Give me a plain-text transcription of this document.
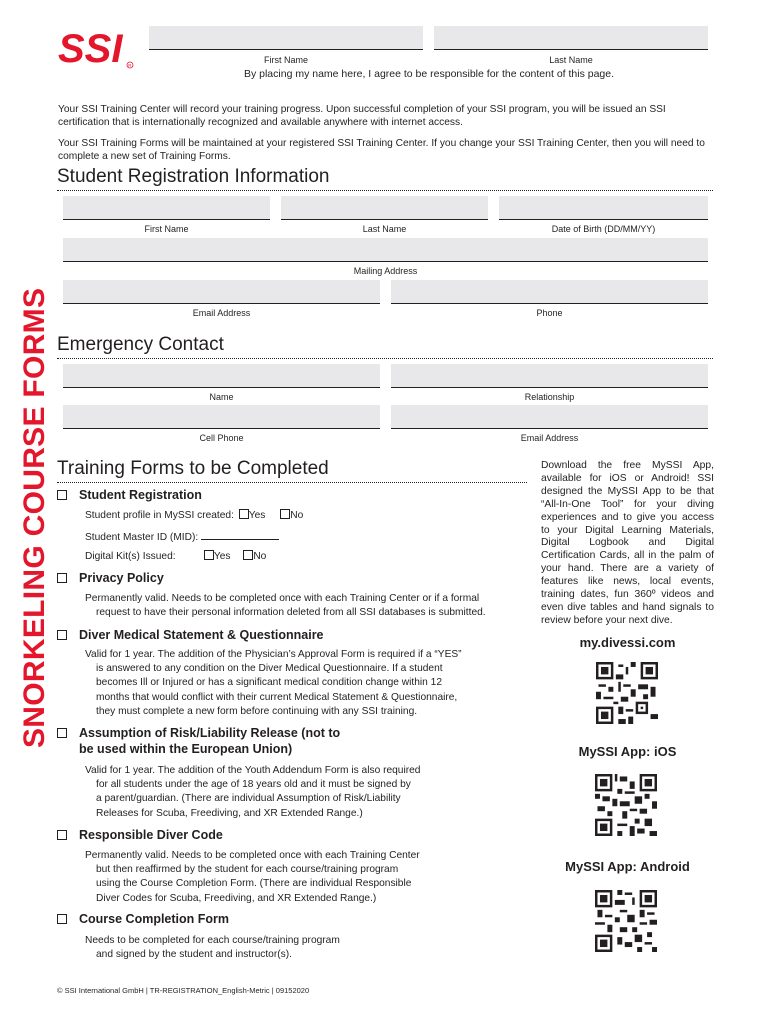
SSI R
First Name	Last Name
By placing my name here, I agree to be responsible for the content of this page.
Your SSI Training Center will record your training progress. Upon successful completion of your SSI program, you will be issued an SSI certification that is internationally recognized and available anywhere with internet access.
Your SSI Training Forms will be maintained at your registered SSI Training Center. If you change your SSI Training Center, then you will need to complete a new set of Training Forms.
SNORKELING COURSE FORMS
Student Registration Information
First Name	Last Name	Date of Birth (DD/MM/YY)
Mailing Address
Email Address	Phone
Emergency Contact
Name	Relationship
Cell Phone	Email Address
Training Forms to be Completed
Student Registration
Student profile in MySSI created: Yes No
Student Master ID (MID):
Digital Kit(s) Issued:	Yes No
Privacy Policy
Permanently valid. Needs to be completed once with each Training Center or if a formal
request to have their personal information deleted from all SSI databases is submitted.
Diver Medical Statement & Questionnaire
Valid for 1 year. The addition of the Physician’s Approval Form is required if a “YES”
is answered to any condition on the Diver Medical Questionnaire. If a student
becomes Ill or Injured or has a significant medical condition change within 12
months that would conflict with their current Medical Statement & Questionnaire,
they must complete a new form before continuing with any SSI training.
Assumption of Risk/Liability Release (not to
be used within the European Union)
Valid for 1 year. The addition of the Youth Addendum Form is also required
for all students under the age of 18 years old and it must be signed by
a parent/guardian. (There are individual Assumption of Risk/Liability
Releases for Scuba, Freediving, and XR Extended Range.)
Responsible Diver Code
Permanently valid. Needs to be completed once with each Training Center
but then reaffirmed by the student for each course/training program
using the Course Completion Form. (There are individual Responsible
Diver Codes for Scuba, Freediving, and XR Extended Range.)
Course Completion Form
Needs to be completed for each course/training program
and signed by the student and instructor(s).
Download the free MySSI App, available for iOS or Android! SSI designed the MySSI App to be that “All-In-One Tool” for your diving experiences and to give you access to your Digital Learning Materials, Digital Logbook and Digital Certification Cards, all in the palm of your hand. There are a variety of features like news, local events, training dates, fun 360º videos and even dive tables and hand signals to review before your next dive.
my.divessi.com
MySSI App: iOS
MySSI App: Android
© SSI International GmbH | TR-REGISTRATION_English-Metric | 09152020
